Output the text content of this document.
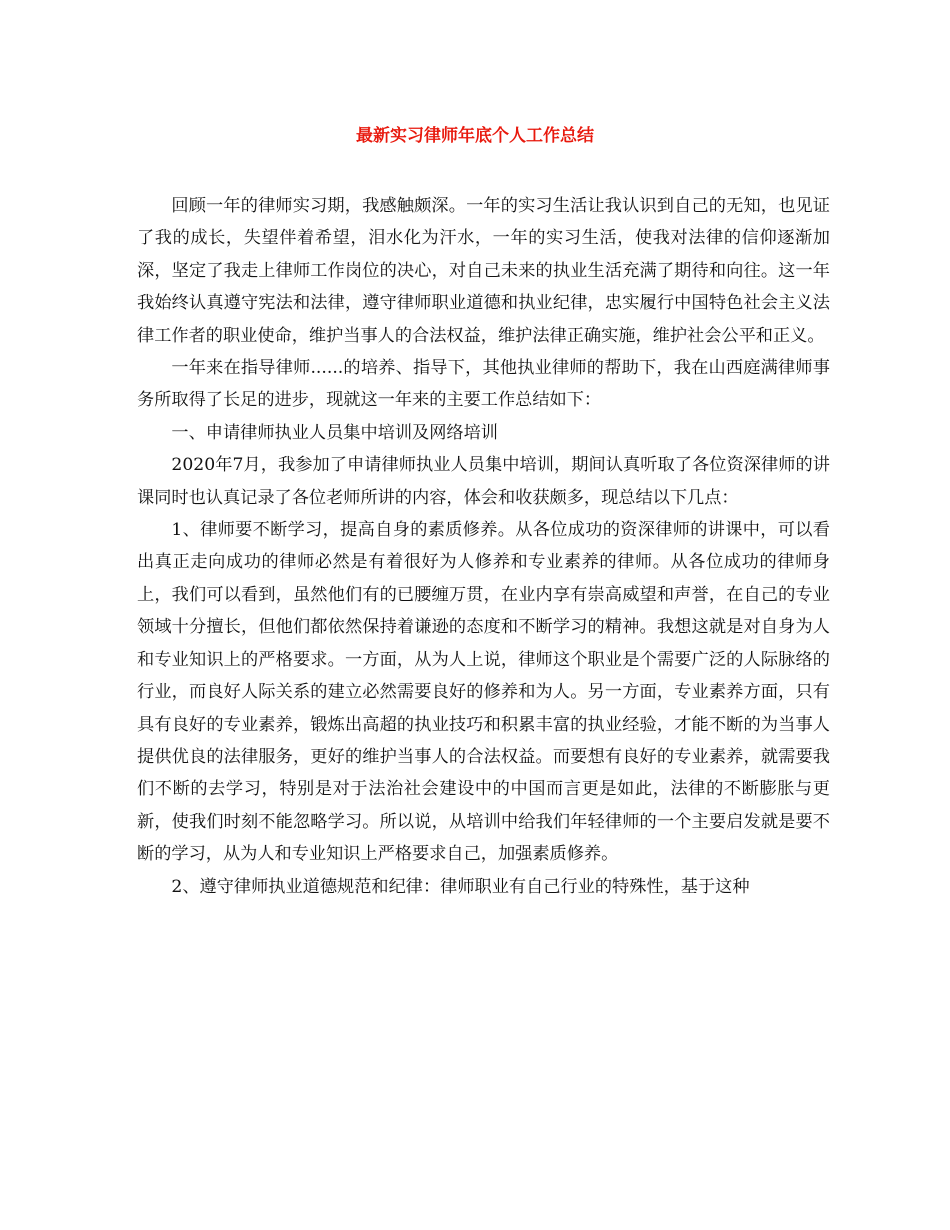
最新实习律师年底个人工作总结

回顾一年的律师实习期，我感触颇深。一年的实习生活让我认识到自己的无知，也见证了我的成长，失望伴着希望，泪水化为汗水，一年的实习生活，使我对法律的信仰逐渐加深，坚定了我走上律师工作岗位的决心，对自己未来的执业生活充满了期待和向往。这一年我始终认真遵守宪法和法律，遵守律师职业道德和执业纪律，忠实履行中国特色社会主义法律工作者的职业使命，维护当事人的合法权益，维护法律正确实施，维护社会公平和正义。

一年来在指导律师......的培养、指导下，其他执业律师的帮助下，我在山西庭满律师事务所取得了长足的进步，现就这一年来的主要工作总结如下：

一、申请律师执业人员集中培训及网络培训

2020年7月，我参加了申请律师执业人员集中培训，期间认真听取了各位资深律师的讲课同时也认真记录了各位老师所讲的内容，体会和收获颇多，现总结以下几点：

1、律师要不断学习，提高自身的素质修养。从各位成功的资深律师的讲课中，可以看出真正走向成功的律师必然是有着很好为人修养和专业素养的律师。从各位成功的律师身上，我们可以看到，虽然他们有的已腰缠万贯，在业内享有崇高威望和声誉，在自己的专业领域十分擅长，但他们都依然保持着谦逊的态度和不断学习的精神。我想这就是对自身为人和专业知识上的严格要求。一方面，从为人上说，律师这个职业是个需要广泛的人际脉络的行业，而良好人际关系的建立必然需要良好的修养和为人。另一方面，专业素养方面，只有具有良好的专业素养，锻炼出高超的执业技巧和积累丰富的执业经验，才能不断的为当事人提供优良的法律服务，更好的维护当事人的合法权益。而要想有良好的专业素养，就需要我们不断的去学习，特别是对于法治社会建设中的中国而言更是如此，法律的不断膨胀与更新，使我们时刻不能忽略学习。所以说，从培训中给我们年轻律师的一个主要启发就是要不断的学习，从为人和专业知识上严格要求自己，加强素质修养。

2、遵守律师执业道德规范和纪律：律师职业有自己行业的特殊性，基于这种
